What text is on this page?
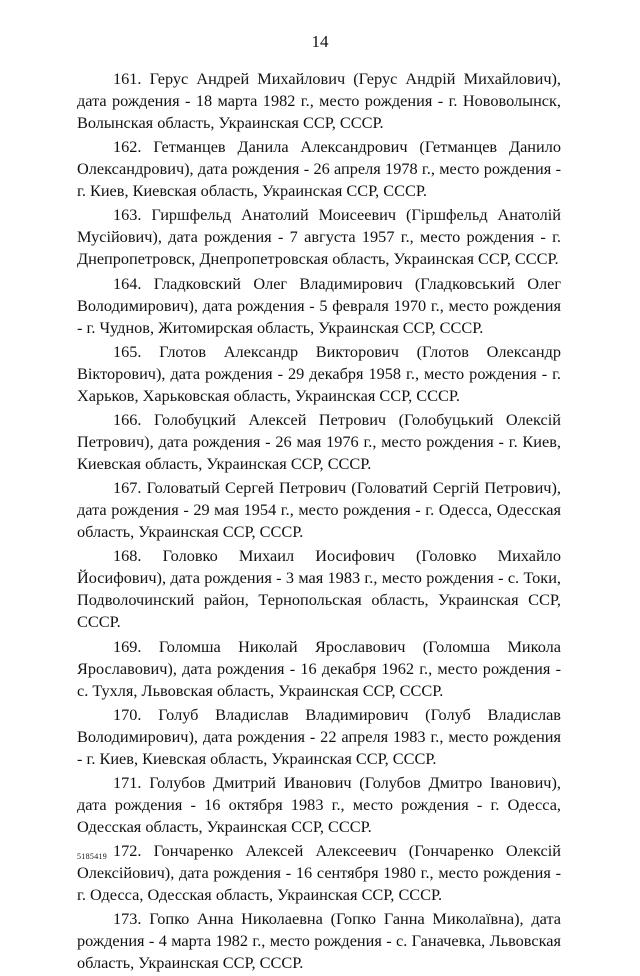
14

161. Герус Андрей Михайлович (Герус Андрій Михайлович), дата рождения - 18 марта 1982 г., место рождения - г. Нововолынск, Волынская область, Украинская ССР, СССР.

162. Гетманцев Данила Александрович (Гетманцев Данило Олександрович), дата рождения - 26 апреля 1978 г., место рождения - г. Киев, Киевская область, Украинская ССР, СССР.

163. Гиршфельд Анатолий Моисеевич (Гіршфельд Анатолій Мусійович), дата рождения - 7 августа 1957 г., место рождения - г. Днепропетровск, Днепропетровская область, Украинская ССР, СССР.

164. Гладковский Олег Владимирович (Гладковський Олег Володимирович), дата рождения - 5 февраля 1970 г., место рождения - г. Чуднов, Житомирская область, Украинская ССР, СССР.

165. Глотов Александр Викторович (Глотов Олександр Вікторович), дата рождения - 29 декабря 1958 г., место рождения - г. Харьков, Харьковская область, Украинская ССР, СССР.

166. Голобуцкий Алексей Петрович (Голобуцький Олексій Петрович), дата рождения - 26 мая 1976 г., место рождения - г. Киев, Киевская область, Украинская ССР, СССР.

167. Головатый Сергей Петрович (Головатий Сергій Петрович), дата рождения - 29 мая 1954 г., место рождения - г. Одесса, Одесская область, Украинская ССР, СССР.

168. Головко Михаил Иосифович (Головко Михайло Йосифович), дата рождения - 3 мая 1983 г., место рождения - с. Токи, Подволочинский район, Тернопольская область, Украинская ССР, СССР.

169. Голомша Николай Ярославович (Голомша Микола Ярославович), дата рождения - 16 декабря 1962 г., место рождения - с. Тухля, Львовская область, Украинская ССР, СССР.

170. Голуб Владислав Владимирович (Голуб Владислав Володимирович), дата рождения - 22 апреля 1983 г., место рождения - г. Киев, Киевская область, Украинская ССР, СССР.

171. Голубов Дмитрий Иванович (Голубов Дмитро Іванович), дата рождения - 16 октября 1983 г., место рождения - г. Одесса, Одесская область, Украинская ССР, СССР.

172. Гончаренко Алексей Алексеевич (Гончаренко Олексій Олексійович), дата рождения - 16 сентября 1980 г., место рождения - г. Одесса, Одесская область, Украинская ССР, СССР.

173. Гопко Анна Николаевна (Гопко Ганна Миколаївна), дата рождения - 4 марта 1982 г., место рождения - с. Ганачевка, Львовская область, Украинская ССР, СССР.

5185419
